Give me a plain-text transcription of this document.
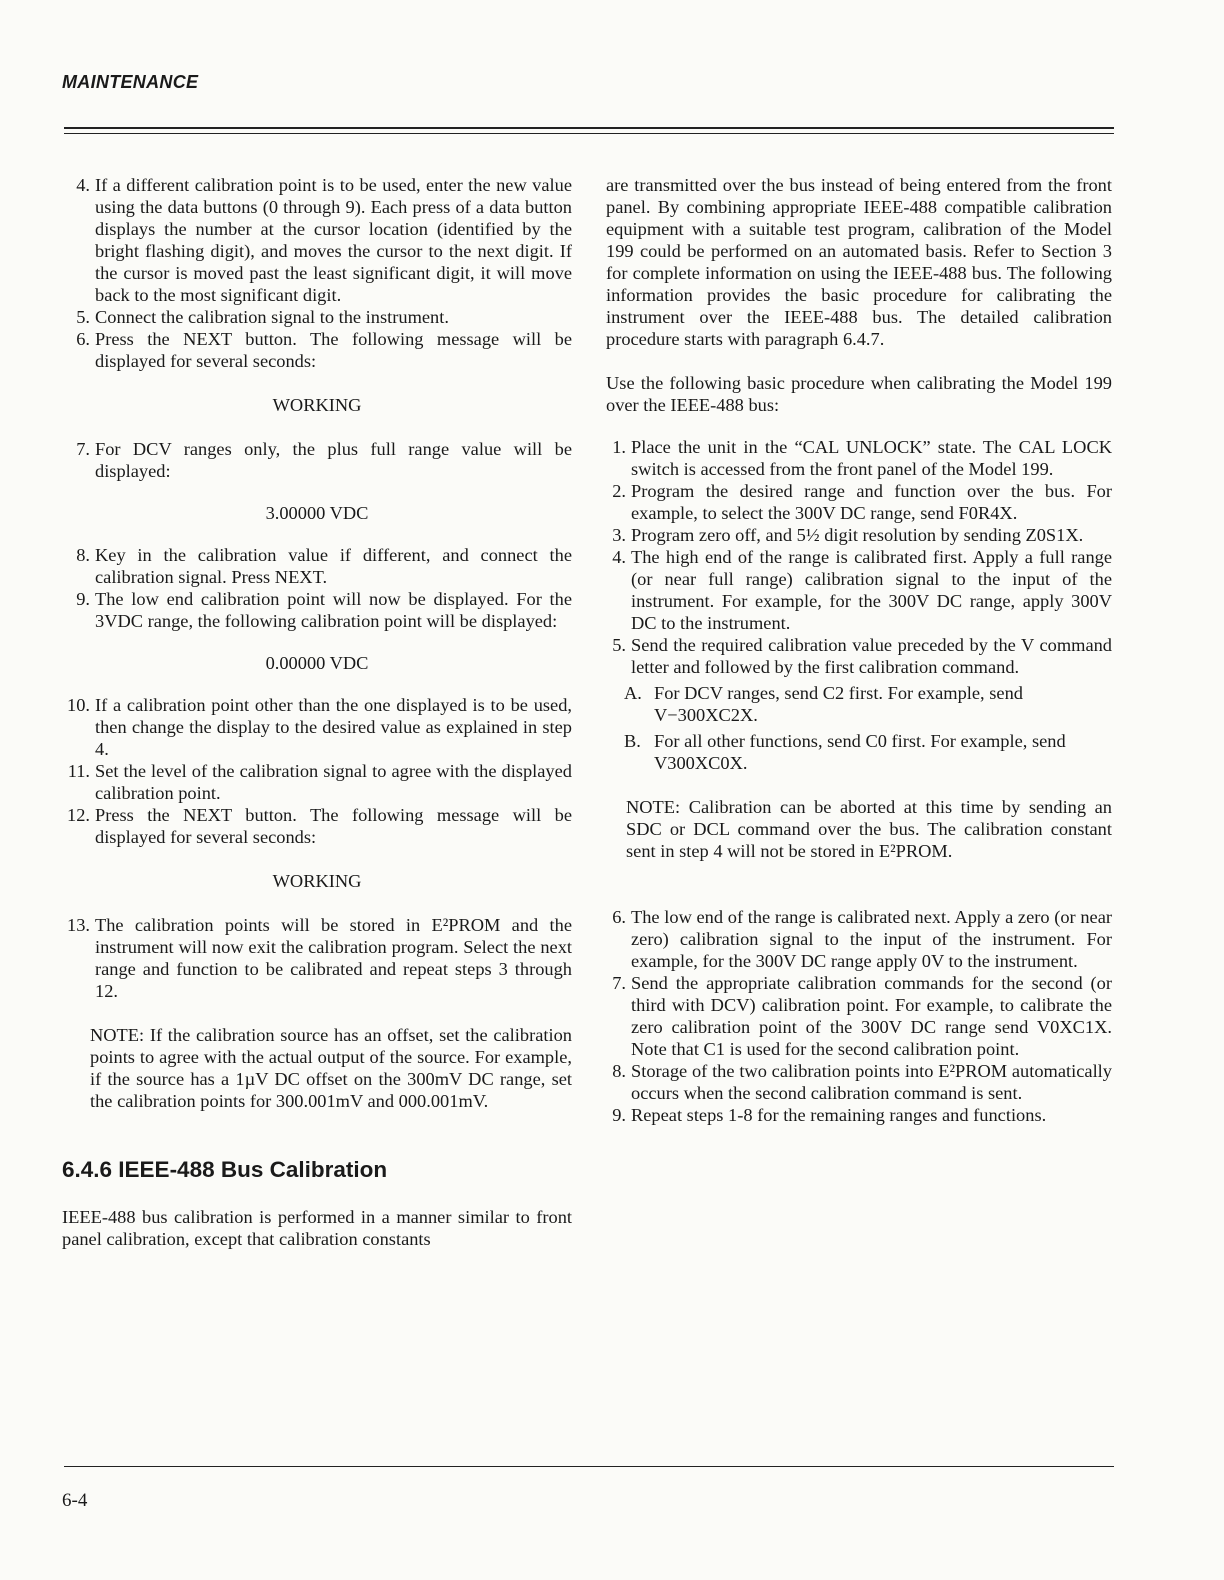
MAINTENANCE
4. If a different calibration point is to be used, enter the new value using the data buttons (0 through 9). Each press of a data button displays the number at the cursor location (identified by the bright flashing digit), and moves the cursor to the next digit. If the cursor is moved past the least significant digit, it will move back to the most significant digit.
5. Connect the calibration signal to the instrument.
6. Press the NEXT button. The following message will be displayed for several seconds:

WORKING

7. For DCV ranges only, the plus full range value will be displayed:

3.00000 VDC

8. Key in the calibration value if different, and connect the calibration signal. Press NEXT.
9. The low end calibration point will now be displayed. For the 3VDC range, the following calibration point will be displayed:

0.00000 VDC

10. If a calibration point other than the one displayed is to be used, then change the display to the desired value as explained in step 4.
11. Set the level of the calibration signal to agree with the displayed calibration point.
12. Press the NEXT button. The following message will be displayed for several seconds:

WORKING

13. The calibration points will be stored in E²PROM and the instrument will now exit the calibration program. Select the next range and function to be calibrated and repeat steps 3 through 12.

NOTE: If the calibration source has an offset, set the calibration points to agree with the actual output of the source. For example, if the source has a 1µV DC offset on the 300mV DC range, set the calibration points for 300.001mV and 000.001mV.

6.4.6 IEEE-488 Bus Calibration

IEEE-488 bus calibration is performed in a manner similar to front panel calibration, except that calibration constants

are transmitted over the bus instead of being entered from the front panel. By combining appropriate IEEE-488 compatible calibration equipment with a suitable test program, calibration of the Model 199 could be performed on an automated basis. Refer to Section 3 for complete information on using the IEEE-488 bus. The following information provides the basic procedure for calibrating the instrument over the IEEE-488 bus. The detailed calibration procedure starts with paragraph 6.4.7.

Use the following basic procedure when calibrating the Model 199 over the IEEE-488 bus:

1. Place the unit in the “CAL UNLOCK” state. The CAL LOCK switch is accessed from the front panel of the Model 199.
2. Program the desired range and function over the bus. For example, to select the 300V DC range, send F0R4X.
3. Program zero off, and 5½ digit resolution by sending Z0S1X.
4. The high end of the range is calibrated first. Apply a full range (or near full range) calibration signal to the input of the instrument. For example, for the 300V DC range, apply 300V DC to the instrument.
5. Send the required calibration value preceded by the V command letter and followed by the first calibration command.
A. For DCV ranges, send C2 first. For example, send V−300XC2X.
B. For all other functions, send C0 first. For example, send V300XC0X.

NOTE: Calibration can be aborted at this time by sending an SDC or DCL command over the bus. The calibration constant sent in step 4 will not be stored in E²PROM.

6. The low end of the range is calibrated next. Apply a zero (or near zero) calibration signal to the input of the instrument. For example, for the 300V DC range apply 0V to the instrument.
7. Send the appropriate calibration commands for the second (or third with DCV) calibration point. For example, to calibrate the zero calibration point of the 300V DC range send V0XC1X. Note that C1 is used for the second calibration point.
8. Storage of the two calibration points into E²PROM automatically occurs when the second calibration command is sent.
9. Repeat steps 1-8 for the remaining ranges and functions.
6-4
